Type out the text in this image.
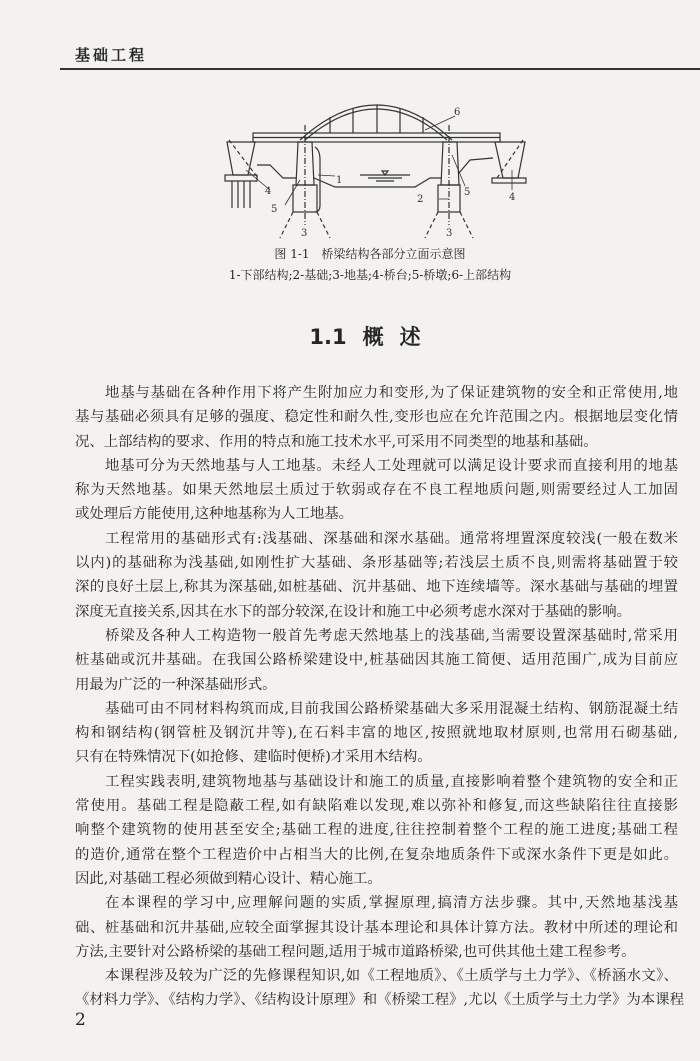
基础工程
1
2
3	3
4
4
5
5
6
图 1-1　桥梁结构各部分立面示意图
1-下部结构;2-基础;3-地基;4-桥台;5-桥墩;6-上部结构
1.1 概 述
地基与基础在各种作用下将产生附加应力和变形,为了保证建筑物的安全和正常使用,地
基与基础必须具有足够的强度、稳定性和耐久性,变形也应在允许范围之内。根据地层变化情
况、上部结构的要求、作用的特点和施工技术水平,可采用不同类型的地基和基础。
地基可分为天然地基与人工地基。未经人工处理就可以满足设计要求而直接利用的地基
称为天然地基。如果天然地层土质过于软弱或存在不良工程地质问题,则需要经过人工加固
或处理后方能使用,这种地基称为人工地基。
工程常用的基础形式有:浅基础、深基础和深水基础。通常将埋置深度较浅(一般在数米
以内)的基础称为浅基础,如刚性扩大基础、条形基础等;若浅层土质不良,则需将基础置于较
深的良好土层上,称其为深基础,如桩基础、沉井基础、地下连续墙等。深水基础与基础的埋置
深度无直接关系,因其在水下的部分较深,在设计和施工中必须考虑水深对于基础的影响。
桥梁及各种人工构造物一般首先考虑天然地基上的浅基础,当需要设置深基础时,常采用
桩基础或沉井基础。在我国公路桥梁建设中,桩基础因其施工简便、适用范围广,成为目前应
用最为广泛的一种深基础形式。
基础可由不同材料构筑而成,目前我国公路桥梁基础大多采用混凝土结构、钢筋混凝土结
构和钢结构(钢管桩及钢沉井等),在石料丰富的地区,按照就地取材原则,也常用石砌基础,
只有在特殊情况下(如抢修、建临时便桥)才采用木结构。
工程实践表明,建筑物地基与基础设计和施工的质量,直接影响着整个建筑物的安全和正
常使用。基础工程是隐蔽工程,如有缺陷难以发现,难以弥补和修复,而这些缺陷往往直接影
响整个建筑物的使用甚至安全;基础工程的进度,往往控制着整个工程的施工进度;基础工程
的造价,通常在整个工程造价中占相当大的比例,在复杂地质条件下或深水条件下更是如此。
因此,对基础工程必须做到精心设计、精心施工。
在本课程的学习中,应理解问题的实质,掌握原理,搞清方法步骤。其中,天然地基浅基
础、桩基础和沉井基础,应较全面掌握其设计基本理论和具体计算方法。教材中所述的理论和
方法,主要针对公路桥梁的基础工程问题,适用于城市道路桥梁,也可供其他土建工程参考。
本课程涉及较为广泛的先修课程知识,如《工程地质》、《土质学与土力学》、《桥涵水文》、
《材料力学》、《结构力学》、《结构设计原理》和《桥梁工程》,尤以《土质学与土力学》为本课程
2
